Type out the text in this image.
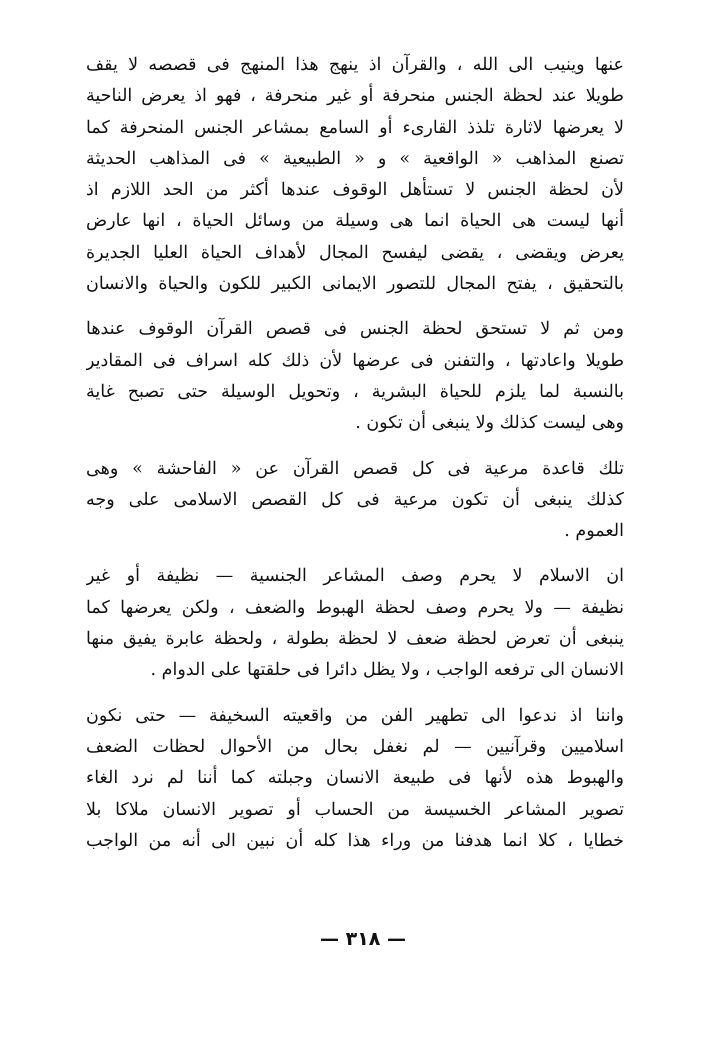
عنها وينيب الى الله ، والقرآن اذ ينهج هذا المنهج فى قصصه لا يقف
طويلا عند لحظة الجنس منحرفة أو غير منحرفة ، فهو اذ يعرض الناحية
لا يعرضها لاثارة تلذذ القارىء أو السامع بمشاعر الجنس المنحرفة كما
تصنع المذاهب « الواقعية » و « الطبيعية » فى المذاهب الحديثة
لأن لحظة الجنس لا تستأهل الوقوف عندها أكثر من الحد اللازم اذ
أنها ليست هى الحياة انما هى وسيلة من وسائل الحياة ، انها عارض
يعرض ويقضى ، يقضى ليفسح المجال لأهداف الحياة العليا الجديرة
بالتحقيق ، يفتح المجال للتصور الايمانى الكبير للكون والحياة والانسان

ومن ثم لا تستحق لحظة الجنس فى قصص القرآن الوقوف عندها
طويلا واعادتها ، والتفنن فى عرضها لأن ذلك كله اسراف فى المقادير
بالنسبة لما يلزم للحياة البشرية ، وتحويل الوسيلة حتى تصبح غاية
وهى ليست كذلك ولا ينبغى أن تكون .

تلك قاعدة مرعية فى كل قصص القرآن عن « الفاحشة » وهى
كذلك ينبغى أن تكون مرعية فى كل القصص الاسلامى على وجه
العموم .

ان الاسلام لا يحرم وصف المشاعر الجنسية — نظيفة أو غير
نظيفة — ولا يحرم وصف لحظة الهبوط والضعف ، ولكن يعرضها كما
ينبغى أن تعرض لحظة ضعف لا لحظة بطولة ، ولحظة عابرة يفيق منها
الانسان الى ترفعه الواجب ، ولا يظل دائرا فى حلقتها على الدوام .

واننا اذ ندعوا الى تطهير الفن من واقعيته السخيفة — حتى نكون
اسلاميين وقرآنيين — لم نغفل بحال من الأحوال لحظات الضعف
والهبوط هذه لأنها فى طبيعة الانسان وجبلته كما أننا لم نرد الغاء
تصوير المشاعر الخسيسة من الحساب أو تصوير الانسان ملاكا بلا
خطايا ، كلا انما هدفنا من وراء هذا كله أن نبين الى أنه من الواجب

— ٣١٨ —
